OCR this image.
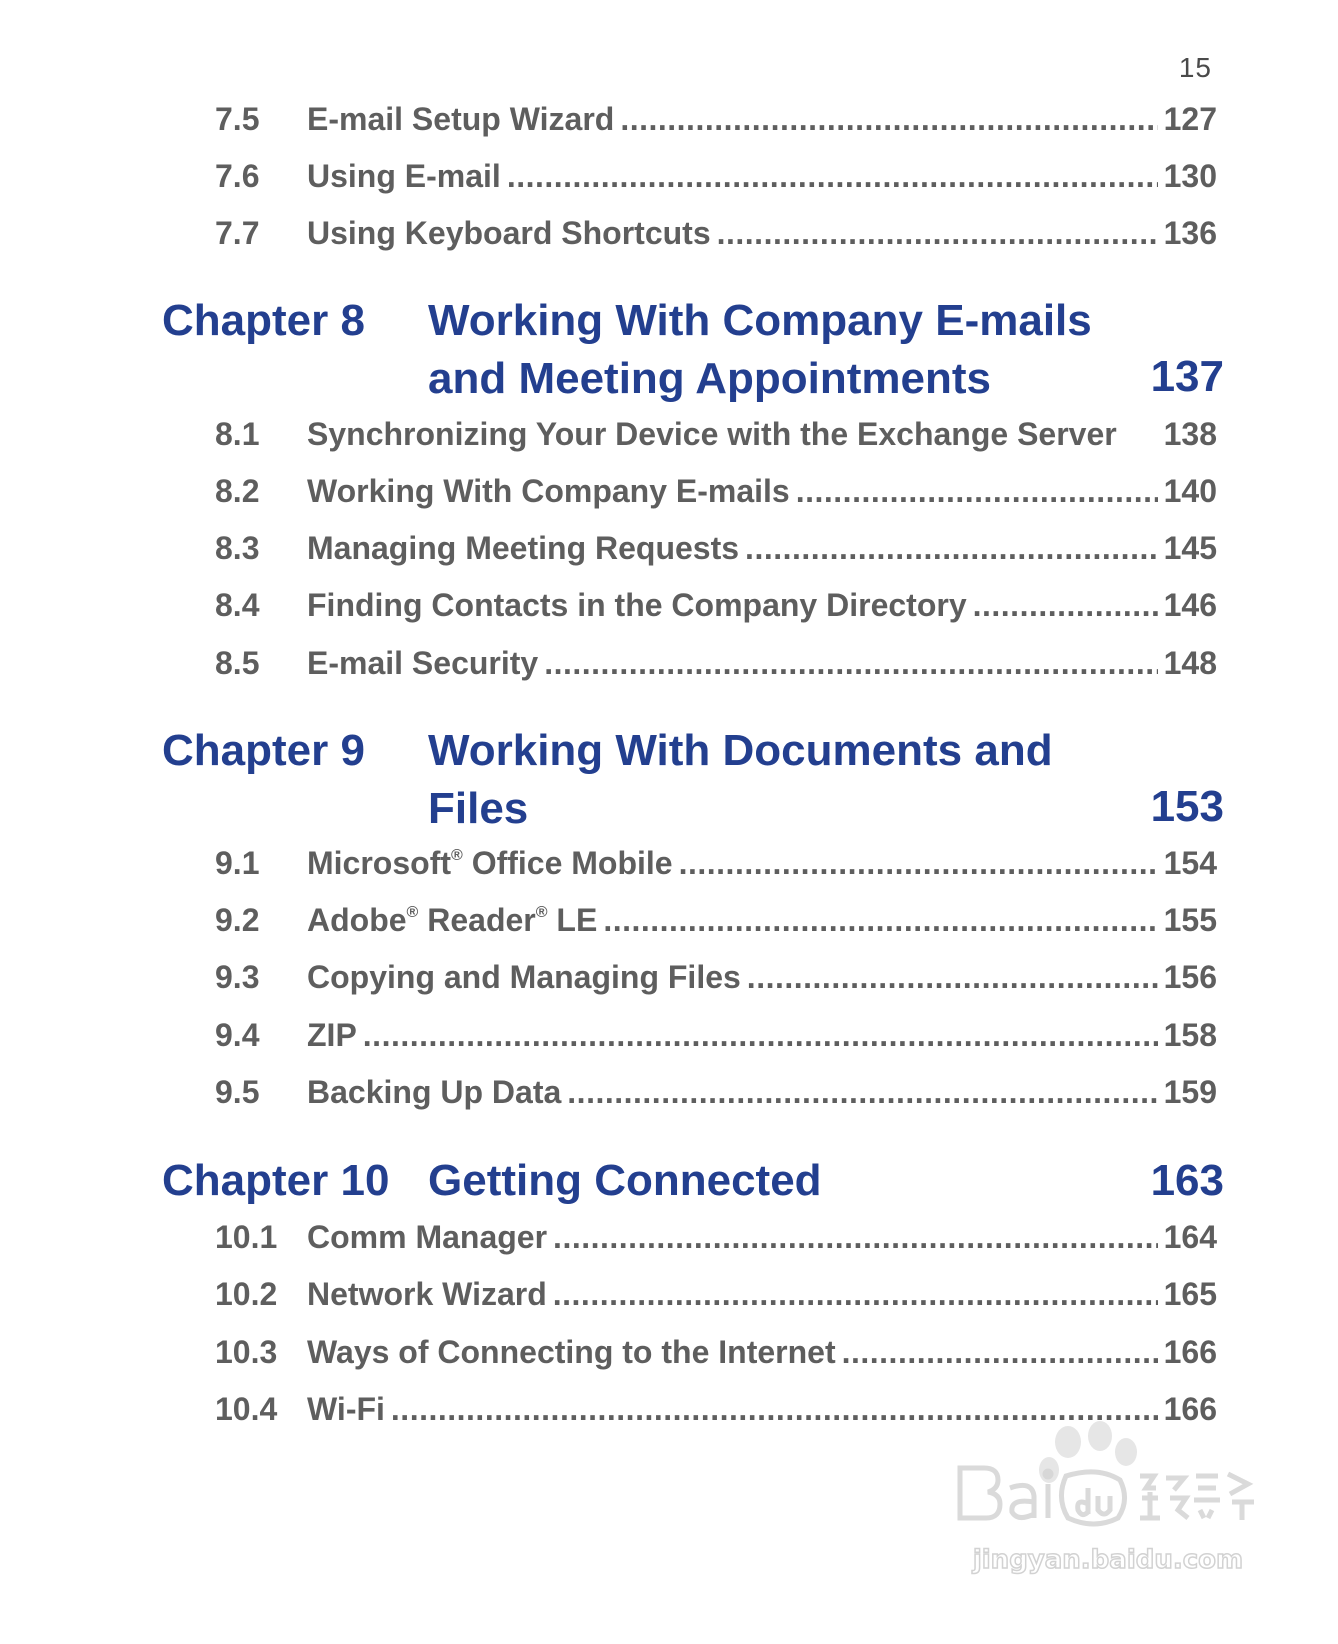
15
7.5	E-mail Setup Wizard .....	127
7.6	Using E-mail .....	130
7.7	Using Keyboard Shortcuts .....	136
Chapter 8 Working With Company E-mails and Meeting Appointments	137
8.1	Synchronizing Your Device with the Exchange Server 138
8.2	Working With Company E-mails .....	140
8.3	Managing Meeting Requests .....	145
8.4	Finding Contacts in the Company Directory .....	146
8.5	E-mail Security .....	148
Chapter 9 Working With Documents and Files	153
9.1	Microsoft® Office Mobile .....	154
9.2	Adobe® Reader® LE .....	155
9.3	Copying and Managing Files .....	156
9.4	ZIP .....	158
9.5	Backing Up Data .....	159
Chapter 10 Getting Connected	163
10.1 Comm Manager .....	164
10.2 Network Wizard .....	165
10.3 Ways of Connecting to the Internet .....	166
10.4 Wi-Fi .....	166
jingyan.baidu.com
